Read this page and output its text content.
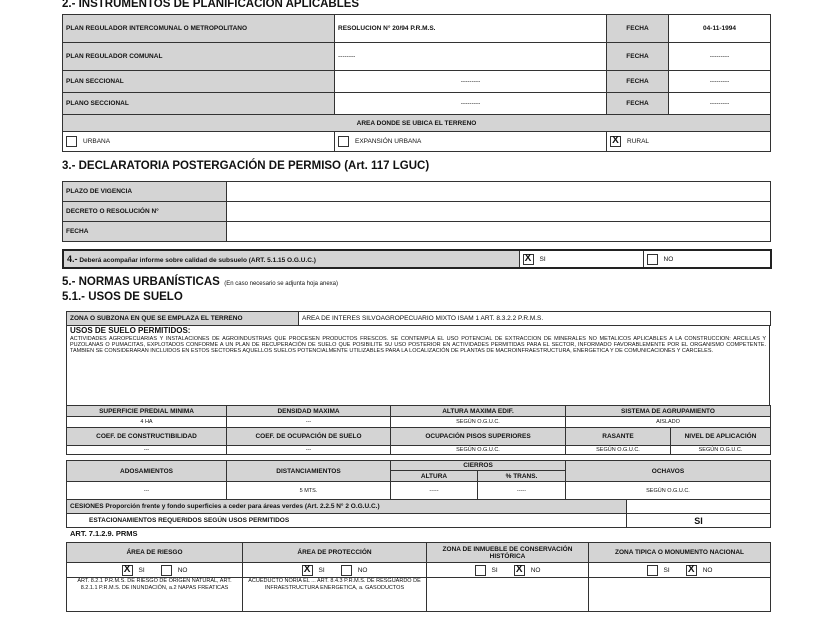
2.- INSTRUMENTOS DE PLANIFICACION APLICABLES
PLAN REGULADOR INTERCOMUNAL O METROPOLITANO	RESOLUCION N° 20/94 P.R.M.S.	FECHA	04-11-1994
PLAN REGULADOR COMUNAL	--------	FECHA	---------
PLAN SECCIONAL	---------	FECHA	---------
PLANO SECCIONAL	---------	FECHA	---------
AREA DONDE SE UBICA EL TERRENO
URBANA	EXPANSIÓN URBANA	X RURAL
3.- DECLARATORIA POSTERGACIÓN DE PERMISO (Art. 117 LGUC)
PLAZO DE VIGENCIA	
DECRETO O RESOLUCIÓN N°	
FECHA	
4.- Deberá acompañar informe sobre calidad de subsuelo (ART. 5.1.15 O.G.U.C.)	X SI	NO
5.- NORMAS URBANÍSTICAS (En caso necesario se adjunta hoja anexa)
5.1.- USOS DE SUELO
ZONA O SUBZONA EN QUE SE EMPLAZA EL TERRENO	AREA DE INTERES SILVOAGROPECUARIO MIXTO ISAM 1 ART. 8.3.2.2 P.R.M.S.
USOS DE SUELO PERMITIDOS:
ACTIVIDADES AGROPECUARIAS Y INSTALACIONES DE AGROINDUSTRIAS QUE PROCESEN PRODUCTOS FRESCOS. SE CONTEMPLA EL USO POTENCIAL DE EXTRACCION DE MINERALES NO METALICOS APLICABLES A LA CONSTRUCCION: ARCILLAS Y PUZOLANAS O PUMACITAS, EXPLOTADOS CONFORME A UN PLAN DE RECUPERACIÓN DE SUELO QUE POSIBILITE SU USO POSTERIOR EN ACTIVIDADES PERMITIDAS PARA EL SECTOR, INFORMADO FAVORABLEMENTE POR EL ORGANISMO COMPETENTE. TAMBIEN SE CONSIDERARAN INCLUIDOS EN ESTOS SECTORES AQUELLOS SUELOS POTENCIALMENTE UTILIZABLES PARA LA LOCALIZACIÓN DE PLANTAS DE MACROINFRAESTRUCTURA, ENERGETICA Y DE COMUNICACIONES Y CARCELES.
SUPERFICIE PREDIAL MINIMA	DENSIDAD MAXIMA	ALTURA MAXIMA EDIF.	SISTEMA DE AGRUPAMIENTO	
4 HA	---	SEGÚN O.G.U.C.	AISLADO	
COEF. DE CONSTRUCTIBILIDAD	COEF. DE OCUPACIÓN DE SUELO	OCUPACIÓN PISOS SUPERIORES	RASANTE	NIVEL DE APLICACIÓN
---	---	SEGÚN O.G.U.C.	SEGÚN O.G.U.C.	SEGÚN O.G.U.C.
ADOSAMIENTOS	DISTANCIAMIENTOS	CIERROS		OCHAVOS
		ALTURA	% TRANS.	
---	5 MTS.	-----	-----	SEGÚN O.G.U.C.
CESIONES Proporción frente y fondo superficies a ceder para áreas verdes (Art. 2.2.5 N° 2 O.G.U.C.)	
ESTACIONAMIENTOS REQUERIDOS SEGÚN USOS PERMITIDOS	SI
ART. 7.1.2.9. PRMS
ÁREA DE RIESGO	ÁREA DE PROTECCIÓN	ZONA DE INMUEBLE DE CONSERVACIÓN HISTÓRICA	ZONA TIPICA O MONUMENTO NACIONAL
X SI NO	X SI NO	SI X NO	SI X NO
ART. 8.2.1 P.R.M.S. DE RIESGO DE ORIGEN NATURAL, ART. 8.2.1.1 P.R.M.S. DE INUNDACIÓN, a.2 NAPAS FREATICAS	ACUEDUCTO NORIA EL ... ART. 8.4.3 P.R.M.S. DE RESGUARDO DE INFRAESTRUCTURA ENERGETICA, a. GASODUCTOS		
